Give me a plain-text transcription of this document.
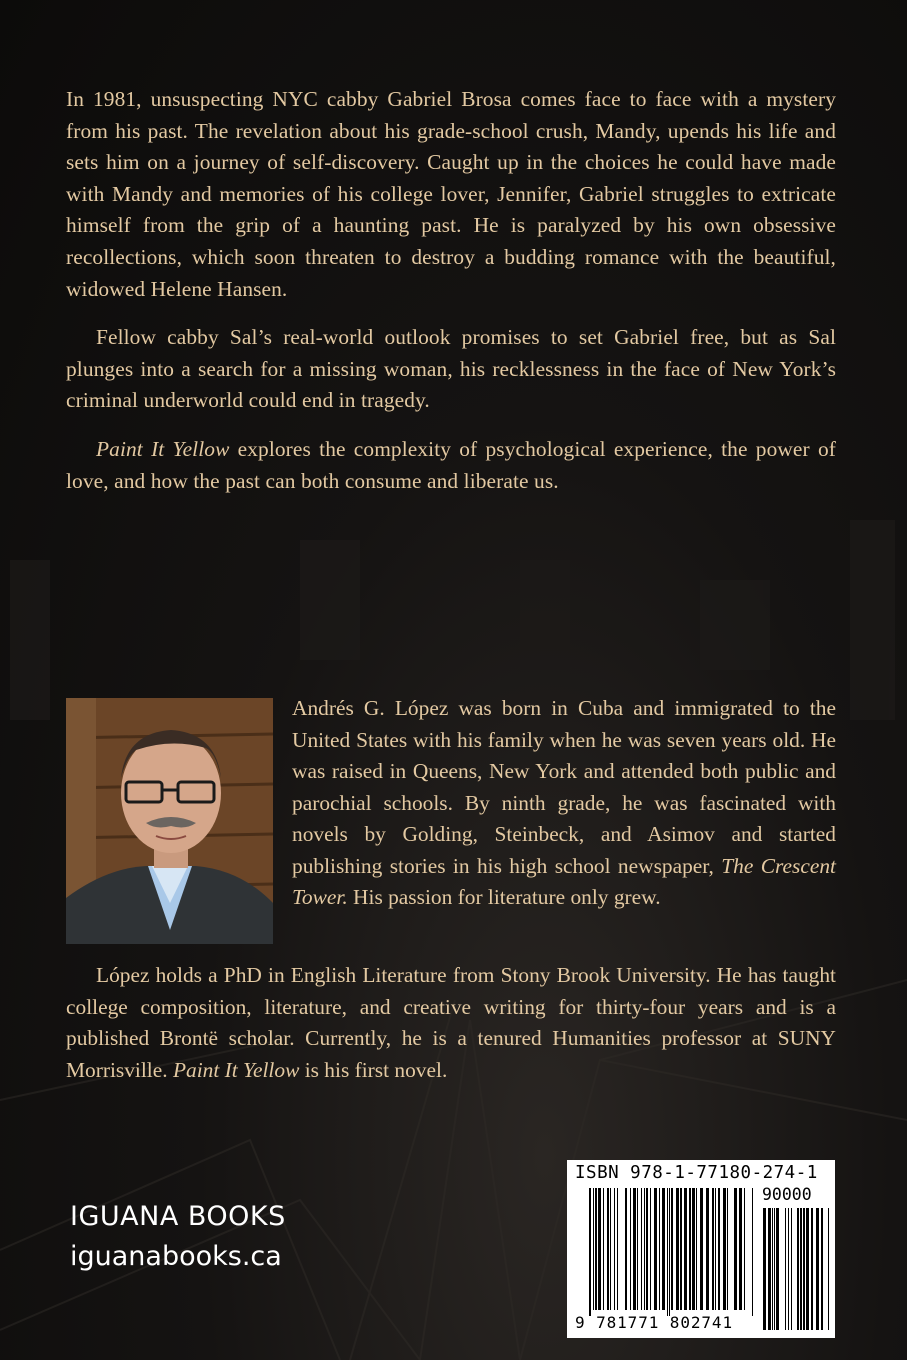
In 1981, unsuspecting NYC cabby Gabriel Brosa comes face to face with a mystery from his past. The revelation about his grade-school crush, Mandy, upends his life and sets him on a journey of self-discovery. Caught up in the choices he could have made with Mandy and memories of his college lover, Jennifer, Gabriel struggles to extricate himself from the grip of a haunting past. He is paralyzed by his own obsessive recollections, which soon threaten to destroy a budding romance with the beautiful, widowed Helene Hansen.

Fellow cabby Sal’s real-world outlook promises to set Gabriel free, but as Sal plunges into a search for a missing woman, his recklessness in the face of New York’s criminal underworld could end in tragedy.

Paint It Yellow explores the complexity of psychological experience, the power of love, and how the past can both consume and liberate us.

Andrés G. López was born in Cuba and immigrated to the United States with his family when he was seven years old. He was raised in Queens, New York and attended both public and parochial schools. By ninth grade, he was fascinated with novels by Golding, Steinbeck, and Asimov and started publishing stories in his high school newspaper, The Crescent Tower. His passion for literature only grew.

López holds a PhD in English Literature from Stony Brook University. He has taught college composition, literature, and creative writing for thirty-four years and is a published Brontë scholar. Currently, he is a tenured Humanities professor at SUNY Morrisville. Paint It Yellow is his first novel.

IGUANA BOOKS
iguanabooks.ca
ISBN 978-1-77180-274-1
90000
9 781771 802741
